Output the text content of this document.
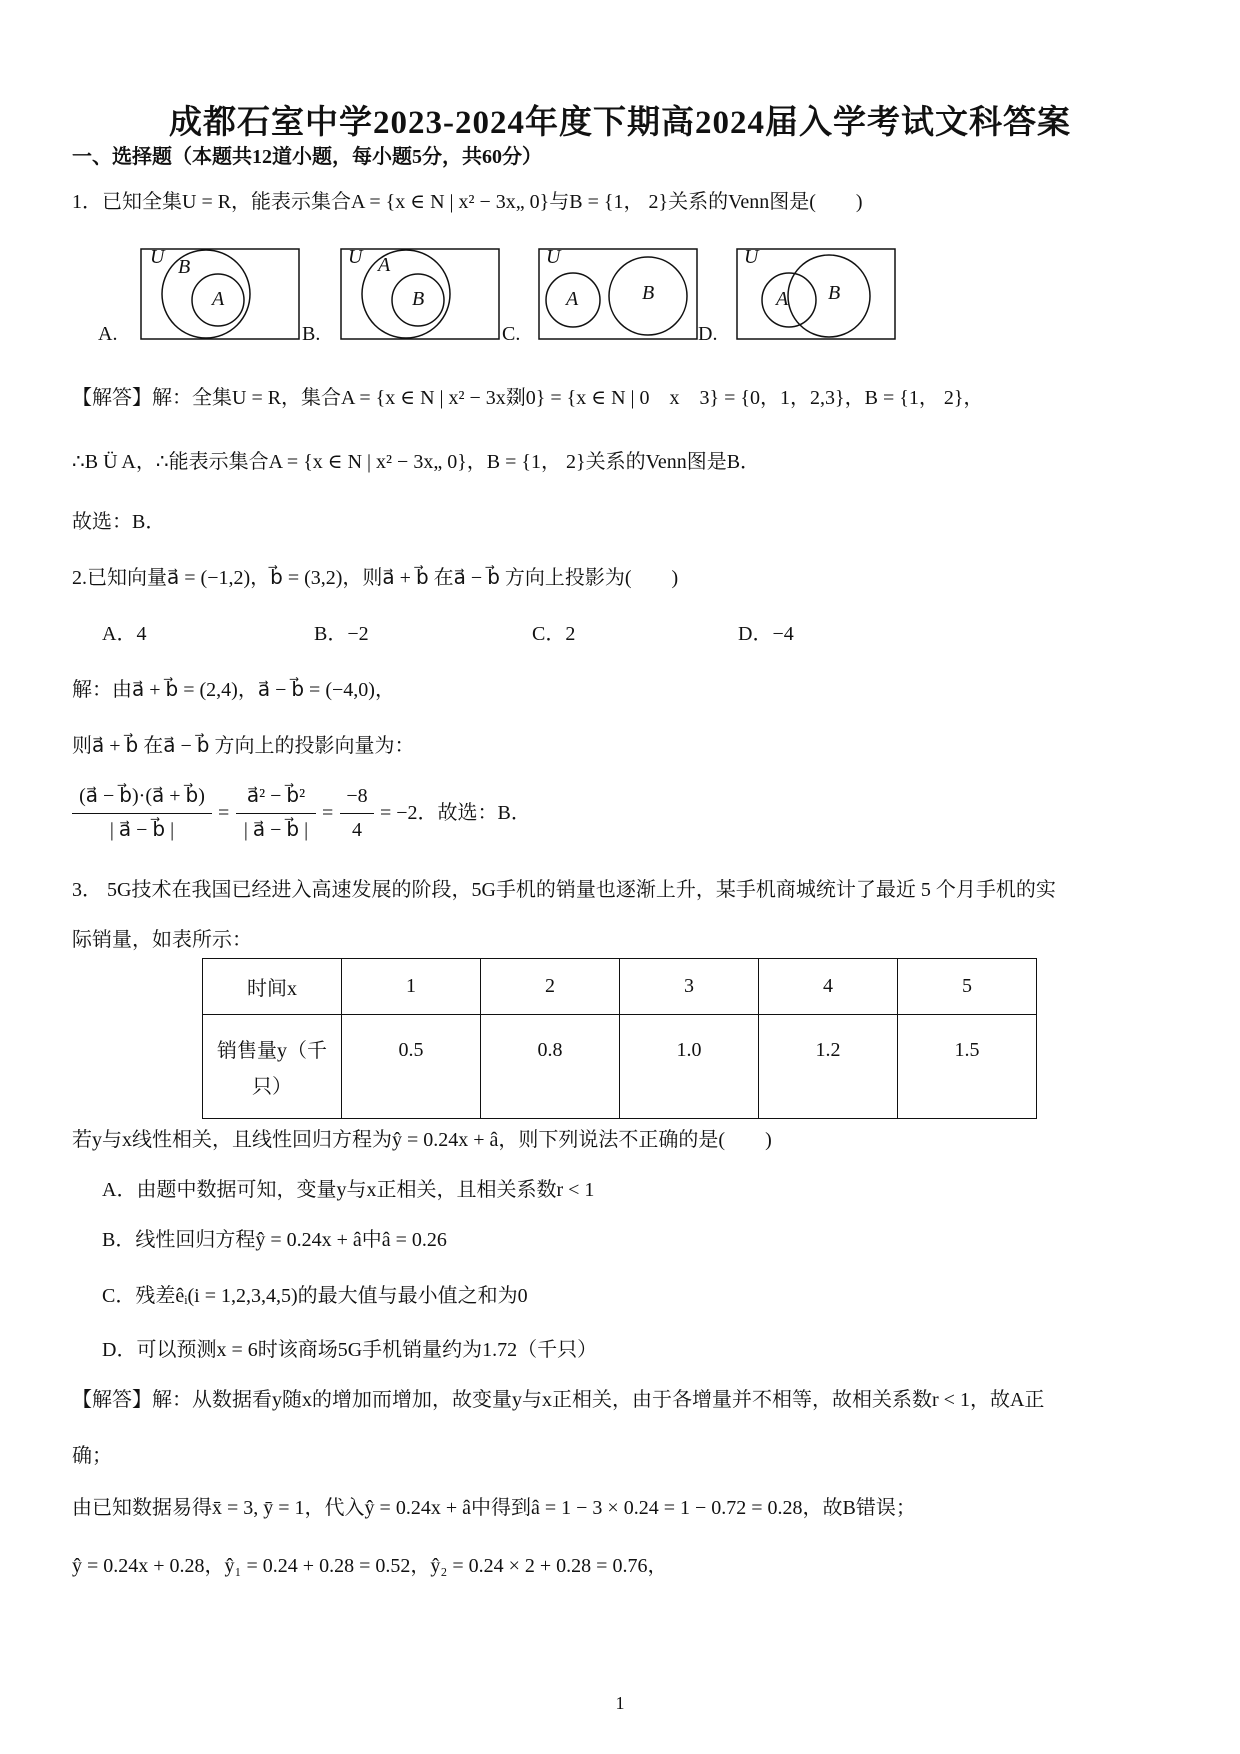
成都石室中学2023-2024年度下期高2024届入学考试文科答案
一、选择题（本题共12道小题，每小题5分，共60分）
1．已知全集U = R，能表示集合A = {x ∈ N | x² − 3x„ 0}与B = {1， 2}关系的Venn图是(　　)
A.
U B
A
B.
U A
B
C.
U
A	B
D.
U
A B
【解答】解：全集U = R，集合A = {x ∈ N | x² − 3x剟0} = {x ∈ N | 0　x　3} = {0，1，2,3}，B = {1， 2}，
∴B Ü A，∴能表示集合A = {x ∈ N | x² − 3x„ 0}，B = {1， 2}关系的Venn图是B．
故选：B．
2.已知向量a⃗ = (−1,2)，b⃗ = (3,2)，则a⃗ + b⃗ 在a⃗ − b⃗ 方向上投影为(　　)
A．4	B．−2	C．2	D．−4
解：由a⃗ + b⃗ = (2,4)，a⃗ − b⃗ = (−4,0)，
则a⃗ + b⃗ 在a⃗ − b⃗ 方向上的投影向量为：
(a⃗ − b⃗)·(a⃗ + b⃗)
| a⃗ − b⃗ |
=
a⃗² − b⃗²
| a⃗ − b⃗ |
=
−8
4
= −2．故选：B．
3． 5G技术在我国已经进入高速发展的阶段，5G手机的销量也逐渐上升，某手机商城统计了最近 5 个月手机的实
际销量，如表所示：
时间x	1	2	3	4	5

销售量y（千
只）	0.5	0.8	1.0	1.2	1.5
若y与x线性相关，且线性回归方程为ŷ = 0.24x + â，则下列说法不正确的是(　　)
A．由题中数据可知，变量y与x正相关，且相关系数r < 1
B．线性回归方程ŷ = 0.24x + â中â = 0.26
C．残差êᵢ(i = 1,2,3,4,5)的最大值与最小值之和为0
D．可以预测x = 6时该商场5G手机销量约为1.72（千只）
【解答】解：从数据看y随x的增加而增加，故变量y与x正相关，由于各增量并不相等，故相关系数r < 1，故A正
确；
由已知数据易得x̄ = 3, ȳ = 1，代入ŷ = 0.24x + â中得到â = 1 − 3 × 0.24 = 1 − 0.72 = 0.28，故B错误；
ŷ = 0.24x + 0.28，ŷ₁ = 0.24 + 0.28 = 0.52，ŷ₂ = 0.24 × 2 + 0.28 = 0.76，
1
